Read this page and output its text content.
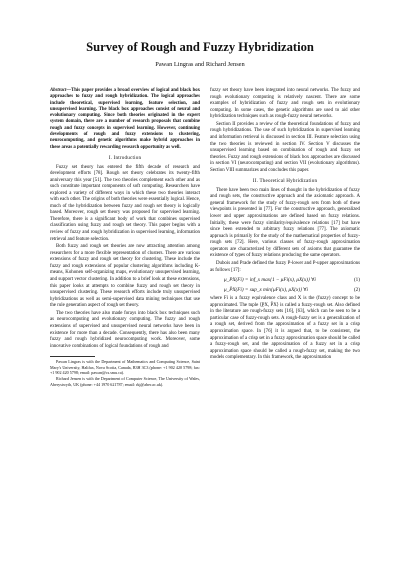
Survey of Rough and Fuzzy Hybridization
Pawan Lingras and Richard Jensen

Abstract—This paper provides a broad overview of logical and black box approaches to fuzzy and rough hybridization. The logical approaches include theoretical, supervised learning, feature selection, and unsupervised learning. The black box approaches consist of neural and evolutionary computing. Since both theories originated in the expert system domain, there are a number of research proposals that combine rough and fuzzy concepts in supervised learning. However, continuing developments of rough and fuzzy extensions to clustering, neurocomputing, and genetic algorithms make hybrid approaches in these areas a potentially rewarding research opportunity as well.

I. Introduction

Fuzzy set theory has entered the fifth decade of research and development efforts [78]. Rough set theory celebrates its twenty-fifth anniversary this year [51]. The two theories complement each other and as such constitute important components of soft computing. Researchers have explored a variety of different ways in which these two theories interact with each other. The origins of both theories were essentially logical. Hence, much of the hybridization between fuzzy and rough set theory is logically based. Moreover, rough set theory was proposed for supervised learning. Therefore, there is a significant body of work that combines supervised classification using fuzzy and rough set theory. This paper begins with a review of fuzzy and rough hybridization in supervised learning, information retrieval and feature selection.

Both fuzzy and rough set theories are now attracting attention among researchers for a more flexible representation of clusters. There are various extensions of fuzzy and rough set theory for clustering. These include the fuzzy and rough extensions of popular clustering algorithms including K-means, Kohonen self-organizing maps, evolutionary unsupervised learning, and support vector clustering. In addition to a brief look at these extensions, this paper looks at attempts to combine fuzzy and rough set theory in unsupervised clustering. These research efforts include truly unsupervised hybridizations as well as semi-supervised data mining techniques that use the rule generation aspect of rough set theory.

The two theories have also made forays into black box techniques such as neurocomputing and evolutionary computing. The fuzzy and rough extensions of supervised and unsupervised neural networks have been in existence for more than a decade. Consequently, there has also been many fuzzy and rough hybridized neurocomputing work. Moreover, some innovative combinations of logical foundations of rough and

Pawan Lingras is with the Department of Mathematics and Computing Science, Saint Mary's University, Halifax, Nova Scotia, Canada, B3H 3C3 (phone: +1 902 420 5798; fax: +1 902 420 5798; email: pawan@cs.smu.ca).

Richard Jensen is with the Department of Computer Science, The University of Wales, Aberystwyth, UK (phone: +44 1970 621787; email: rkj@aber.ac.uk).

fuzzy set theory have been integrated into neural networks. The fuzzy and rough evolutionary computing is relatively nascent. There are some examples of hybridization of fuzzy and rough sets in evolutionary computing. In some cases, the genetic algorithms are used to aid other hybridization techniques such as rough-fuzzy neural networks.

Section II provides a review of the theoretical foundations of fuzzy and rough hybridizations. The use of such hybridization in supervised learning and information retrieval is discussed in section III. Feature selection using the two theories is reviewed in section IV. Section V discusses the unsupervised learning based on combination of rough and fuzzy set theories. Fuzzy and rough extensions of black box approaches are discussed in section VI (neurocomputing) and section VII (evolutionary algorithms). Section VIII summarizes and concludes this paper.

II. Theoretical Hybridization

There have been two main lines of thought in the hybridization of fuzzy and rough sets, the constructive approach and the axiomatic approach. A general framework for the study of fuzzy-rough sets from both of these viewpoints is presented in [77]. For the constructive approach, generalized lower and upper approximations are defined based on fuzzy relations. Initially, these were fuzzy similarity/equivalence relations [17] but have since been extended to arbitrary fuzzy relations [77]. The axiomatic approach is primarily for the study of the mathematical properties of fuzzy-rough sets [72]. Here, various classes of fuzzy-rough approximation operators are characterized by different sets of axioms that guarantee the existence of types of fuzzy relations producing the same operators.

Dubois and Prade defined the fuzzy P-lower and P-upper approximations as follows [17]:

μ_PX(Fi) = inf_x max{1 − μFi(x), μX(x)} ∀i	(1)
μ_P̄X(Fi) = sup_x min{μFi(x), μX(x)} ∀i	(2)

where Fi is a fuzzy equivalence class and X is the (fuzzy) concept to be approximated. The tuple ⟨P̲X, P̄X⟩ is called a fuzzy-rough set. Also defined in the literature are rough-fuzzy sets [16], [63], which can be seen to be a particular case of fuzzy-rough sets. A rough-fuzzy set is a generalization of a rough set, derived from the approximation of a fuzzy set in a crisp approximation space. In [76] it is argued that, to be consistent, the approximation of a crisp set in a fuzzy approximation space should be called a fuzzy-rough set, and the approximation of a fuzzy set in a crisp approximation space should be called a rough-fuzzy set, making the two models complementary. In this framework, the approximation
